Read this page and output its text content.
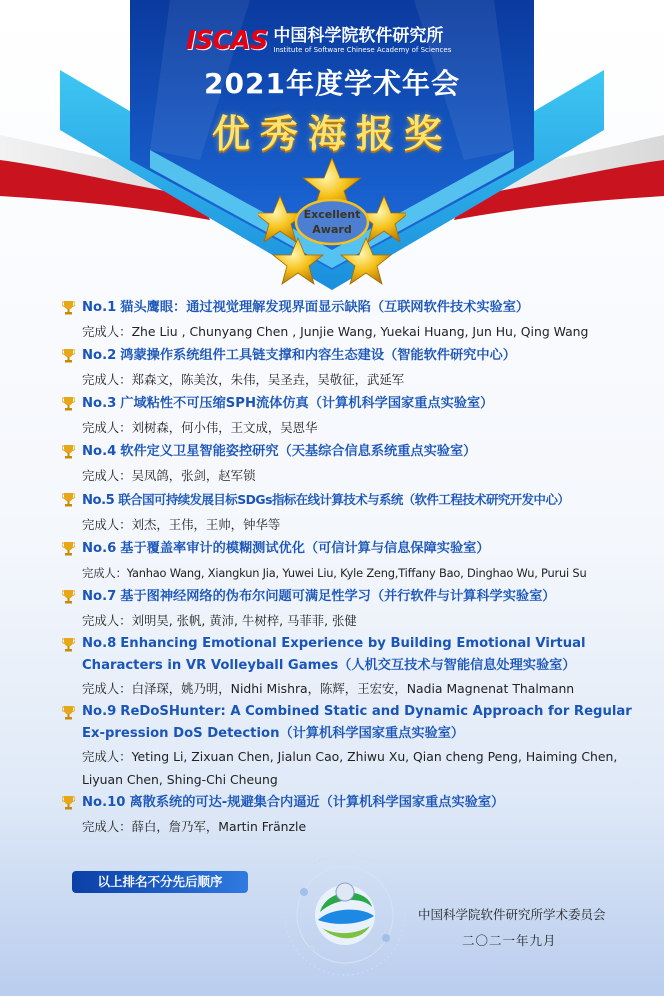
ISCAS 中国科学院软件研究所
Institute of Software Chinese Academy of Sciences
2021年度学术年会
优秀海报奖
Excellent
Award
No.1 猫头鹰眼：通过视觉理解发现界面显示缺陷（互联网软件技术实验室）
完成人：Zhe Liu , Chunyang Chen , Junjie Wang, Yuekai Huang, Jun Hu, Qing Wang
No.2 鸿蒙操作系统组件工具链支撑和内容生态建设（智能软件研究中心）
完成人：郑森文，陈美汝，朱伟，吴圣垚，吴敬征，武延军
No.3 广域粘性不可压缩SPH流体仿真（计算机科学国家重点实验室）
完成人：刘树森，何小伟，王文成，吴恩华
No.4 软件定义卫星智能姿控研究（天基综合信息系统重点实验室）
完成人：吴凤鸽，张剑，赵军锁
No.5 联合国可持续发展目标SDGs指标在线计算技术与系统（软件工程技术研究开发中心）
完成人：刘杰，王伟，王帅，钟华等
No.6 基于覆盖率审计的模糊测试优化（可信计算与信息保障实验室）
完成人：Yanhao Wang, Xiangkun Jia, Yuwei Liu, Kyle Zeng,Tiffany Bao, Dinghao Wu, Purui Su
No.7 基于图神经网络的伪布尔问题可满足性学习（并行软件与计算科学实验室）
完成人：刘明昊, 张帆, 黄沛, 牛树梓, 马菲菲, 张健
No.8 Enhancing Emotional Experience by Building Emotional Virtual Characters in VR Volleyball Games（人机交互技术与智能信息处理实验室）
完成人：白泽琛，姚乃明，Nidhi Mishra，陈辉，王宏安，Nadia Magnenat Thalmann
No.9 ReDoSHunter: A Combined Static and Dynamic Approach for Regular Ex-pression DoS Detection（计算机科学国家重点实验室）
完成人：Yeting Li, Zixuan Chen, Jialun Cao, Zhiwu Xu, Qian cheng Peng, Haiming Chen, Liyuan Chen, Shing-Chi Cheung
No.10 离散系统的可达-规避集合内逼近（计算机科学国家重点实验室）
完成人：薛白，詹乃军，Martin Fränzle
以上排名不分先后顺序
中国科学院软件研究所学术委员会
二〇二一年九月
